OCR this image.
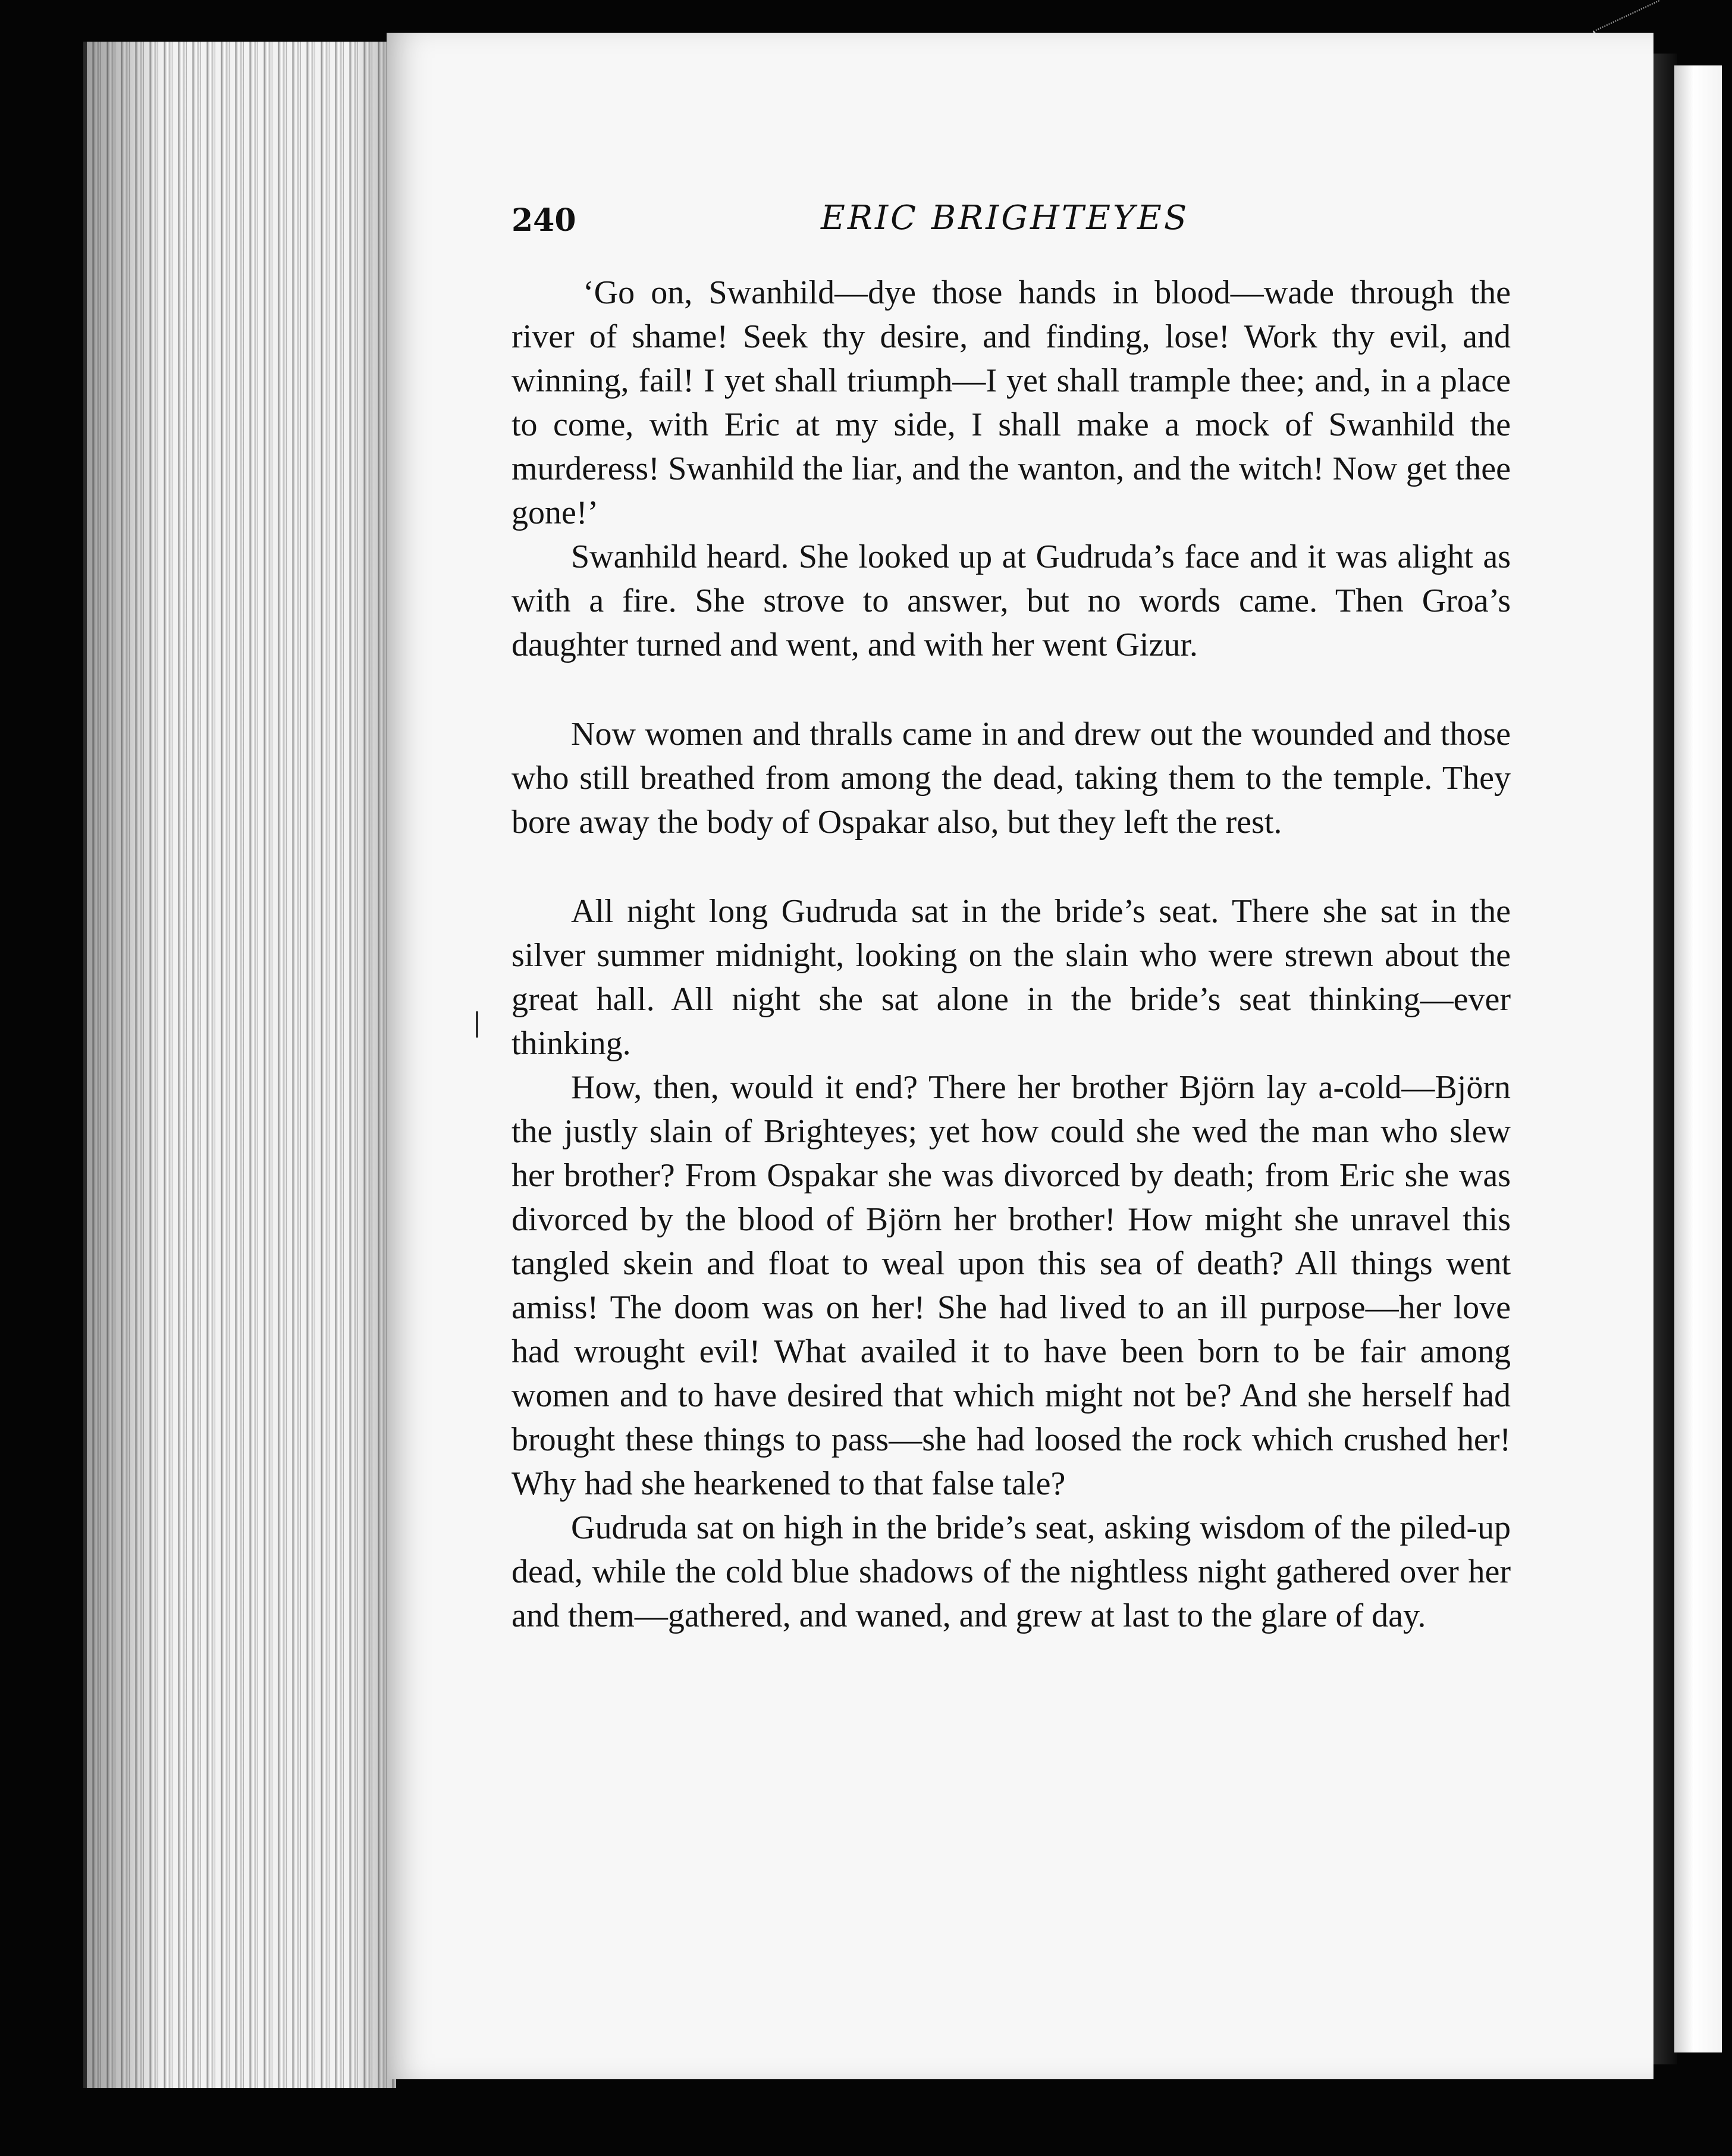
240	ERIC BRIGHTEYES

‘Go on, Swanhild—dye those hands in blood—wade through the river of shame! Seek thy desire, and finding, lose! Work thy evil, and winning, fail! I yet shall triumph—I yet shall trample thee; and, in a place to come, with Eric at my side, I shall make a mock of Swanhild the murderess! Swanhild the liar, and the wanton, and the witch! Now get thee gone!’

Swanhild heard. She looked up at Gudruda’s face and it was alight as with a fire. She strove to answer, but no words came. Then Groa’s daughter turned and went, and with her went Gizur.

Now women and thralls came in and drew out the wounded and those who still breathed from among the dead, taking them to the temple. They bore away the body of Ospakar also, but they left the rest.

All night long Gudruda sat in the bride’s seat. There she sat in the silver summer midnight, looking on the slain who were strewn about the great hall. All night she sat alone in the bride’s seat thinking—ever thinking.

How, then, would it end? There her brother Björn lay a-cold—Björn the justly slain of Brighteyes; yet how could she wed the man who slew her brother? From Ospakar she was divorced by death; from Eric she was divorced by the blood of Björn her brother! How might she unravel this tangled skein and float to weal upon this sea of death? All things went amiss! The doom was on her! She had lived to an ill purpose—her love had wrought evil! What availed it to have been born to be fair among women and to have desired that which might not be? And she herself had brought these things to pass—she had loosed the rock which crushed her! Why had she hearkened to that false tale?

Gudruda sat on high in the bride’s seat, asking wisdom of the piled-up dead, while the cold blue shadows of the nightless night gathered over her and them—gathered, and waned, and grew at last to the glare of day.
